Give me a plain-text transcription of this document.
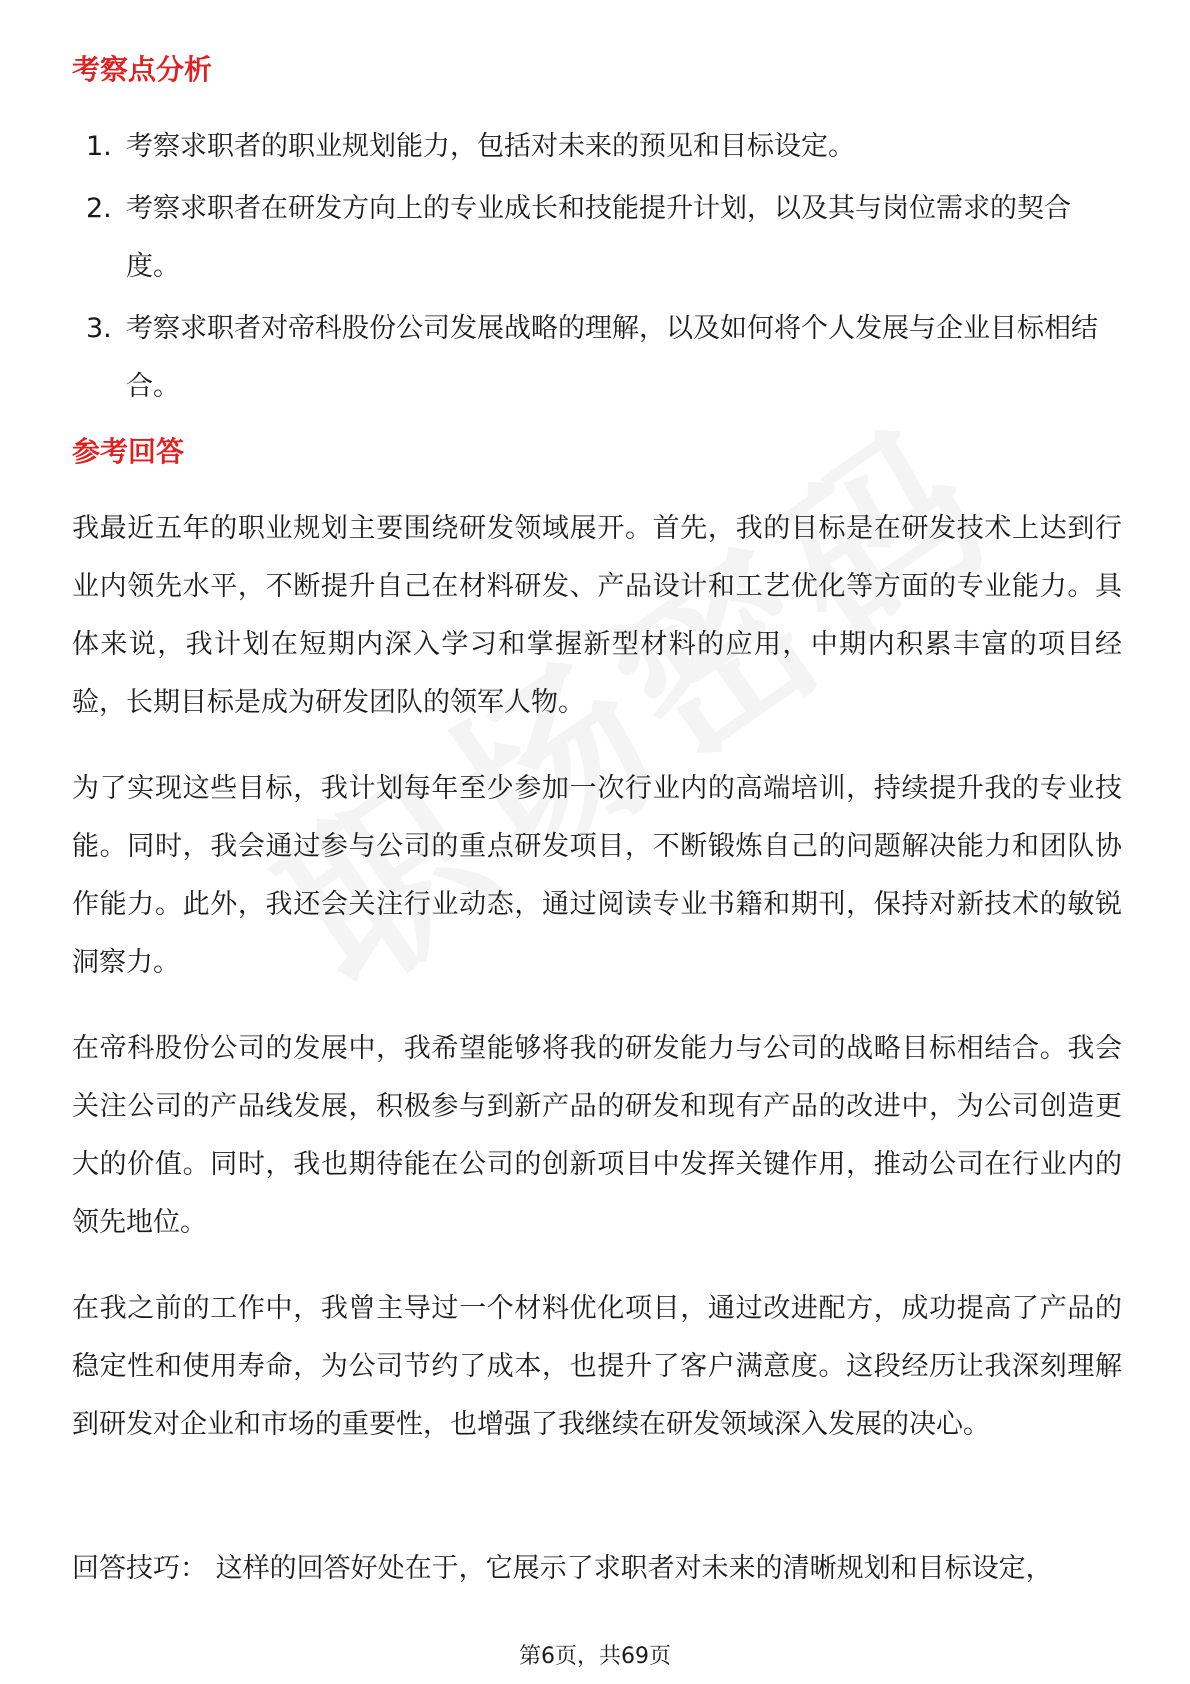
考察点分析
1. 考察求职者的职业规划能力，包括对未来的预见和目标设定。
2. 考察求职者在研发方向上的专业成长和技能提升计划，以及其与岗位需求的契合度。
3. 考察求职者对帝科股份公司发展战略的理解，以及如何将个人发展与企业目标相结合。
参考回答

我最近五年的职业规划主要围绕研发领域展开。首先，我的目标是在研发技术上达到行业内领先水平，不断提升自己在材料研发、产品设计和工艺优化等方面的专业能力。具体来说，我计划在短期内深入学习和掌握新型材料的应用，中期内积累丰富的项目经验，长期目标是成为研发团队的领军人物。

为了实现这些目标，我计划每年至少参加一次行业内的高端培训，持续提升我的专业技能。同时，我会通过参与公司的重点研发项目，不断锻炼自己的问题解决能力和团队协作能力。此外，我还会关注行业动态，通过阅读专业书籍和期刊，保持对新技术的敏锐洞察力。

在帝科股份公司的发展中，我希望能够将我的研发能力与公司的战略目标相结合。我会关注公司的产品线发展，积极参与到新产品的研发和现有产品的改进中，为公司创造更大的价值。同时，我也期待能在公司的创新项目中发挥关键作用，推动公司在行业内的领先地位。

在我之前的工作中，我曾主导过一个材料优化项目，通过改进配方，成功提高了产品的稳定性和使用寿命，为公司节约了成本，也提升了客户满意度。这段经历让我深刻理解到研发对企业和市场的重要性，也增强了我继续在研发领域深入发展的决心。

回答技巧： 这样的回答好处在于，它展示了求职者对未来的清晰规划和目标设定，

第6页，共69页
